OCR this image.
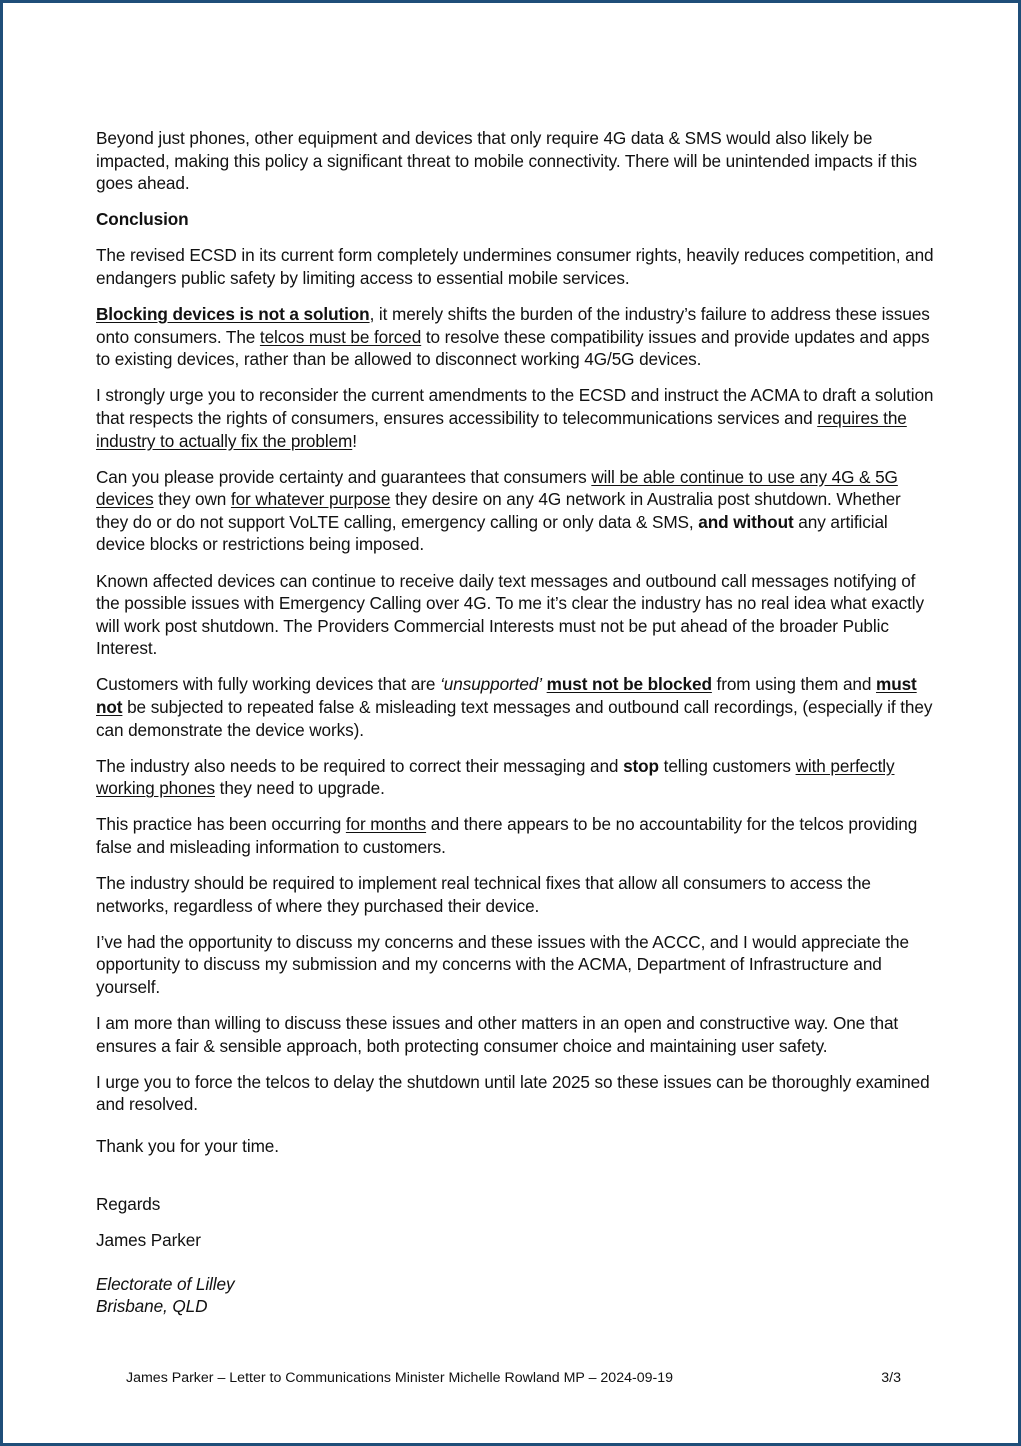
Beyond just phones, other equipment and devices that only require 4G data & SMS would also likely be impacted, making this policy a significant threat to mobile connectivity. There will be unintended impacts if this goes ahead.

Conclusion

The revised ECSD in its current form completely undermines consumer rights, heavily reduces competition, and endangers public safety by limiting access to essential mobile services.

Blocking devices is not a solution, it merely shifts the burden of the industry’s failure to address these issues onto consumers. The telcos must be forced to resolve these compatibility issues and provide updates and apps to existing devices, rather than be allowed to disconnect working 4G/5G devices.

I strongly urge you to reconsider the current amendments to the ECSD and instruct the ACMA to draft a solution that respects the rights of consumers, ensures accessibility to telecommunications services and requires the industry to actually fix the problem!

Can you please provide certainty and guarantees that consumers will be able continue to use any 4G & 5G devices they own for whatever purpose they desire on any 4G network in Australia post shutdown. Whether they do or do not support VoLTE calling, emergency calling or only data & SMS, and without any artificial device blocks or restrictions being imposed.

Known affected devices can continue to receive daily text messages and outbound call messages notifying of the possible issues with Emergency Calling over 4G. To me it’s clear the industry has no real idea what exactly will work post shutdown. The Providers Commercial Interests must not be put ahead of the broader Public Interest.

Customers with fully working devices that are ‘unsupported’ must not be blocked from using them and must not be subjected to repeated false & misleading text messages and outbound call recordings, (especially if they can demonstrate the device works).

The industry also needs to be required to correct their messaging and stop telling customers with perfectly working phones they need to upgrade.

This practice has been occurring for months and there appears to be no accountability for the telcos providing false and misleading information to customers.

The industry should be required to implement real technical fixes that allow all consumers to access the networks, regardless of where they purchased their device.

I’ve had the opportunity to discuss my concerns and these issues with the ACCC, and I would appreciate the opportunity to discuss my submission and my concerns with the ACMA, Department of Infrastructure and yourself.

I am more than willing to discuss these issues and other matters in an open and constructive way. One that ensures a fair & sensible approach, both protecting consumer choice and maintaining user safety.

I urge you to force the telcos to delay the shutdown until late 2025 so these issues can be thoroughly examined and resolved.

Thank you for your time.

Regards

James Parker

Electorate of Lilley

Brisbane, QLD

James Parker – Letter to Communications Minister Michelle Rowland MP – 2024-09-19	3/3
